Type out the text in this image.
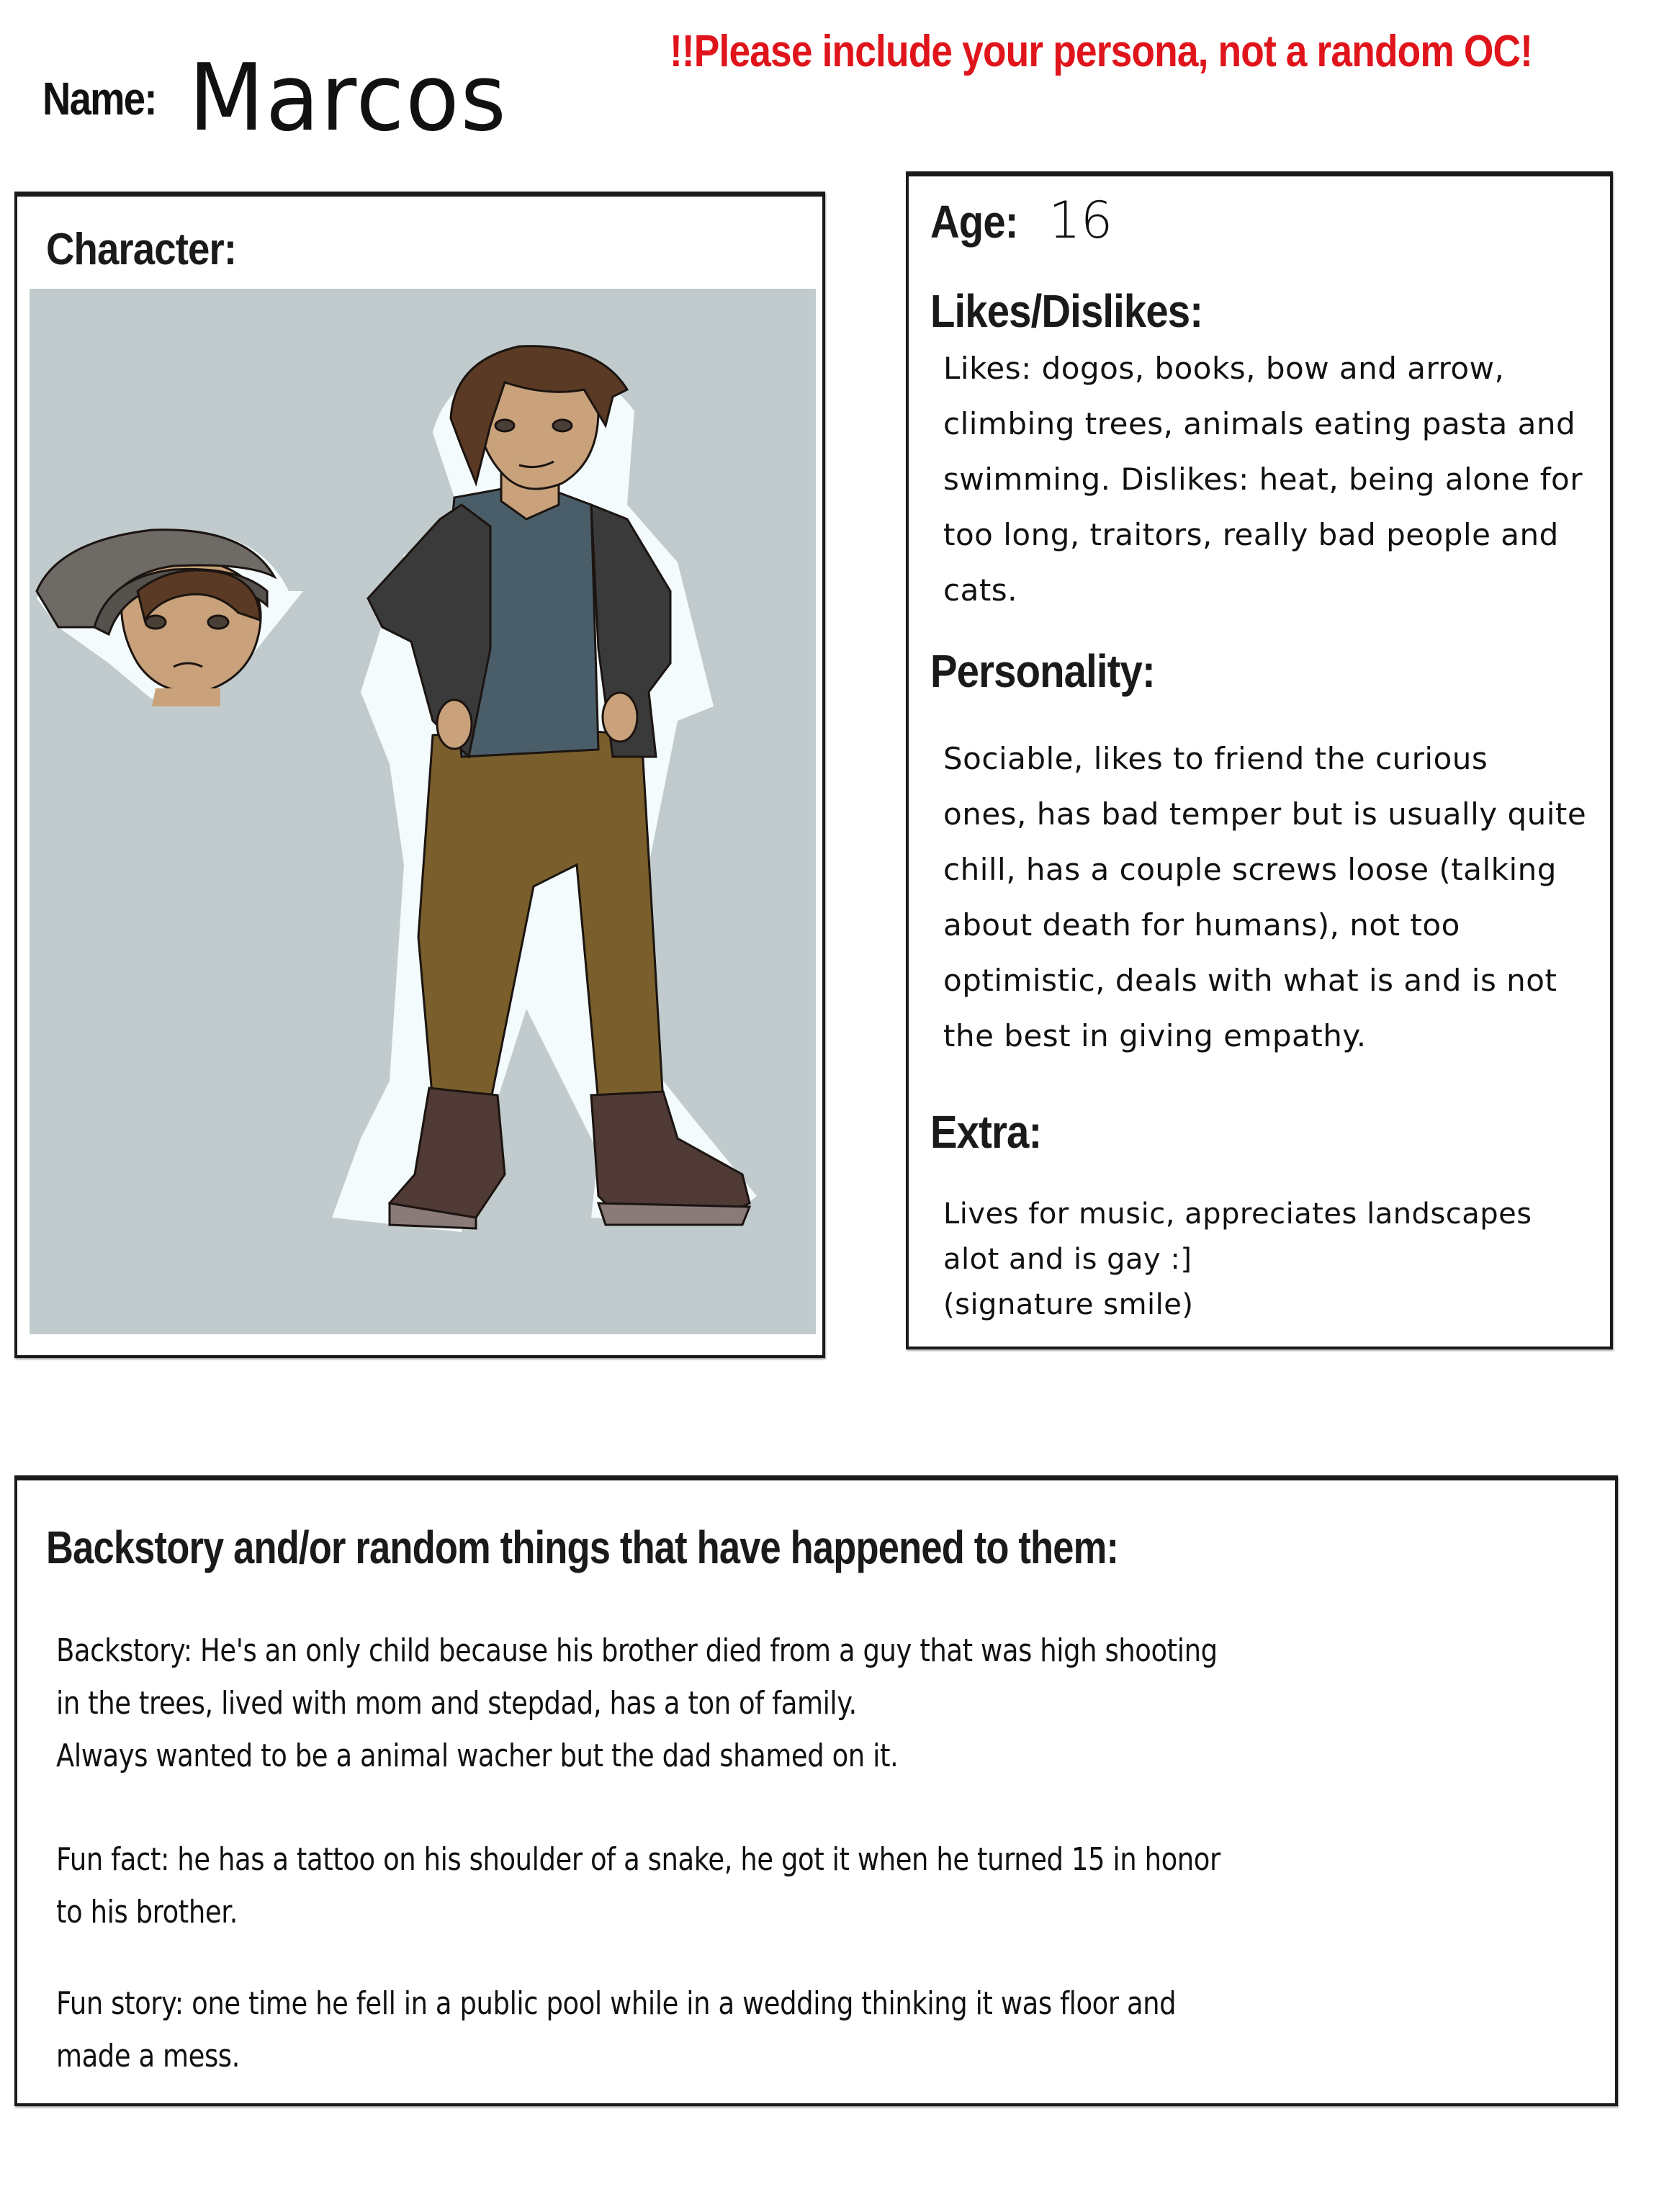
Name: Marcos	!!Please include your persona, not a random OC!
Character:
Age: 16
Likes/Dislikes:
Likes: dogos, books, bow and arrow,
climbing trees, animals eating pasta and
swimming. Dislikes: heat, being alone for
too long, traitors, really bad people and
cats.
Personality:
Sociable, likes to friend the curious
ones, has bad temper but is usually quite
chill, has a couple screws loose (talking
about death for humans), not too
optimistic, deals with what is and is not
the best in giving empathy.
Extra:
Lives for music, appreciates landscapes
alot and is gay :]
(signature smile)
Backstory and/or random things that have happened to them:
Backstory: He's an only child because his brother died from a guy that was high shooting
in the trees, lived with mom and stepdad, has a ton of family.
Always wanted to be a animal wacher but the dad shamed on it.
Fun fact: he has a tattoo on his shoulder of a snake, he got it when he turned 15 in honor
to his brother.
Fun story: one time he fell in a public pool while in a wedding thinking it was floor and
made a mess.
